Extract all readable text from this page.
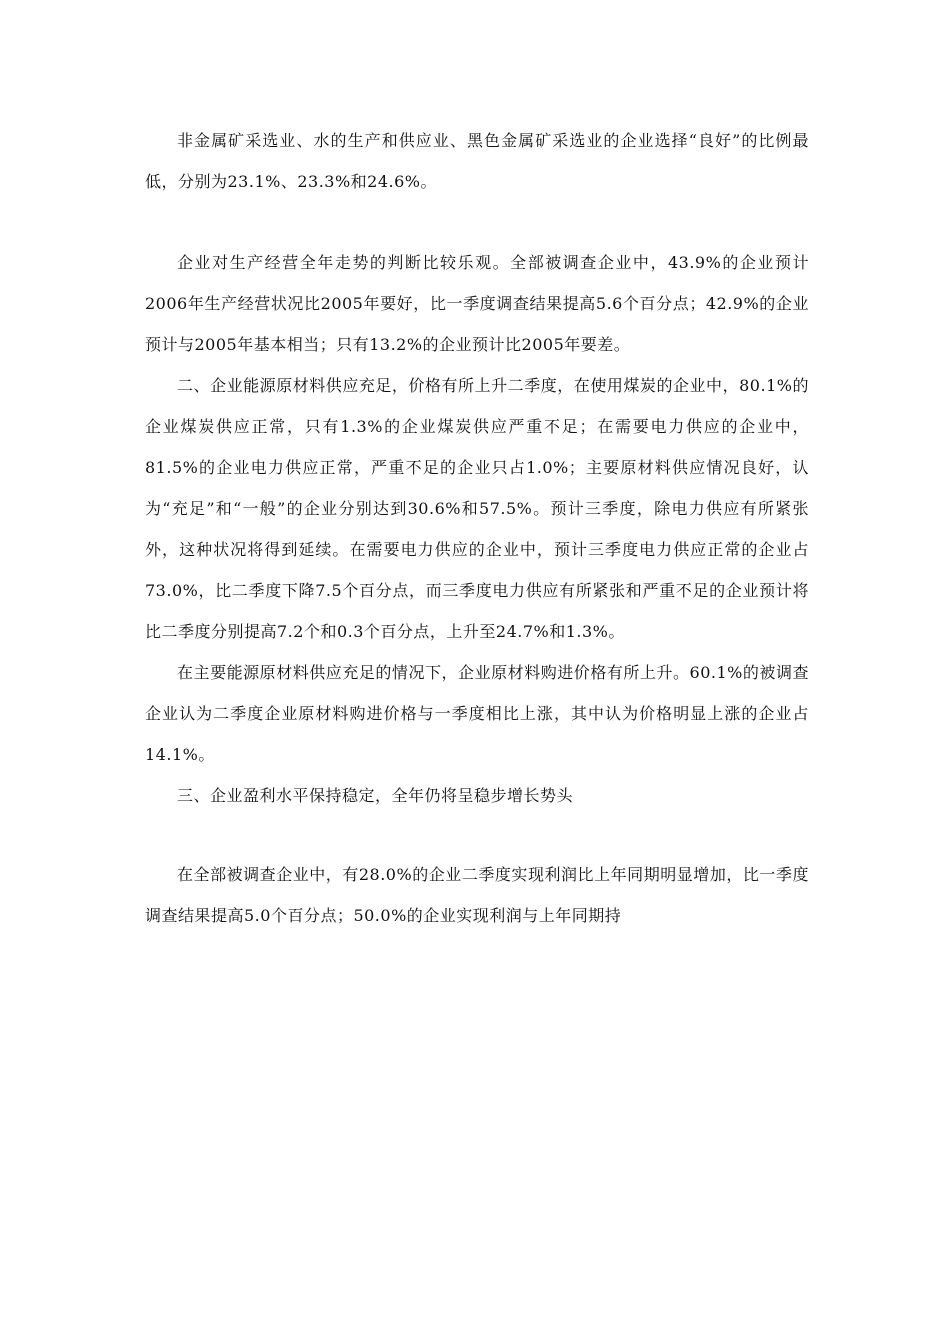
非金属矿采选业、水的生产和供应业、黑色金属矿采选业的企业选择“良好”的比例最低，分别为23.1%、23.3%和24.6%。

企业对生产经营全年走势的判断比较乐观。全部被调查企业中，43.9%的企业预计2006年生产经营状况比2005年要好，比一季度调查结果提高5.6个百分点；42.9%的企业预计与2005年基本相当；只有13.2%的企业预计比2005年要差。

二、企业能源原材料供应充足，价格有所上升二季度，在使用煤炭的企业中，80.1%的企业煤炭供应正常，只有1.3%的企业煤炭供应严重不足；在需要电力供应的企业中，81.5%的企业电力供应正常，严重不足的企业只占1.0%；主要原材料供应情况良好，认为“充足”和“一般”的企业分别达到30.6%和57.5%。预计三季度，除电力供应有所紧张外，这种状况将得到延续。在需要电力供应的企业中，预计三季度电力供应正常的企业占73.0%，比二季度下降7.5个百分点，而三季度电力供应有所紧张和严重不足的企业预计将比二季度分别提高7.2个和0.3个百分点，上升至24.7%和1.3%。

在主要能源原材料供应充足的情况下，企业原材料购进价格有所上升。60.1%的被调查企业认为二季度企业原材料购进价格与一季度相比上涨，其中认为价格明显上涨的企业占14.1%。

三、企业盈利水平保持稳定，全年仍将呈稳步增长势头

在全部被调查企业中，有28.0%的企业二季度实现利润比上年同期明显增加，比一季度调查结果提高5.0个百分点；50.0%的企业实现利润与上年同期持
